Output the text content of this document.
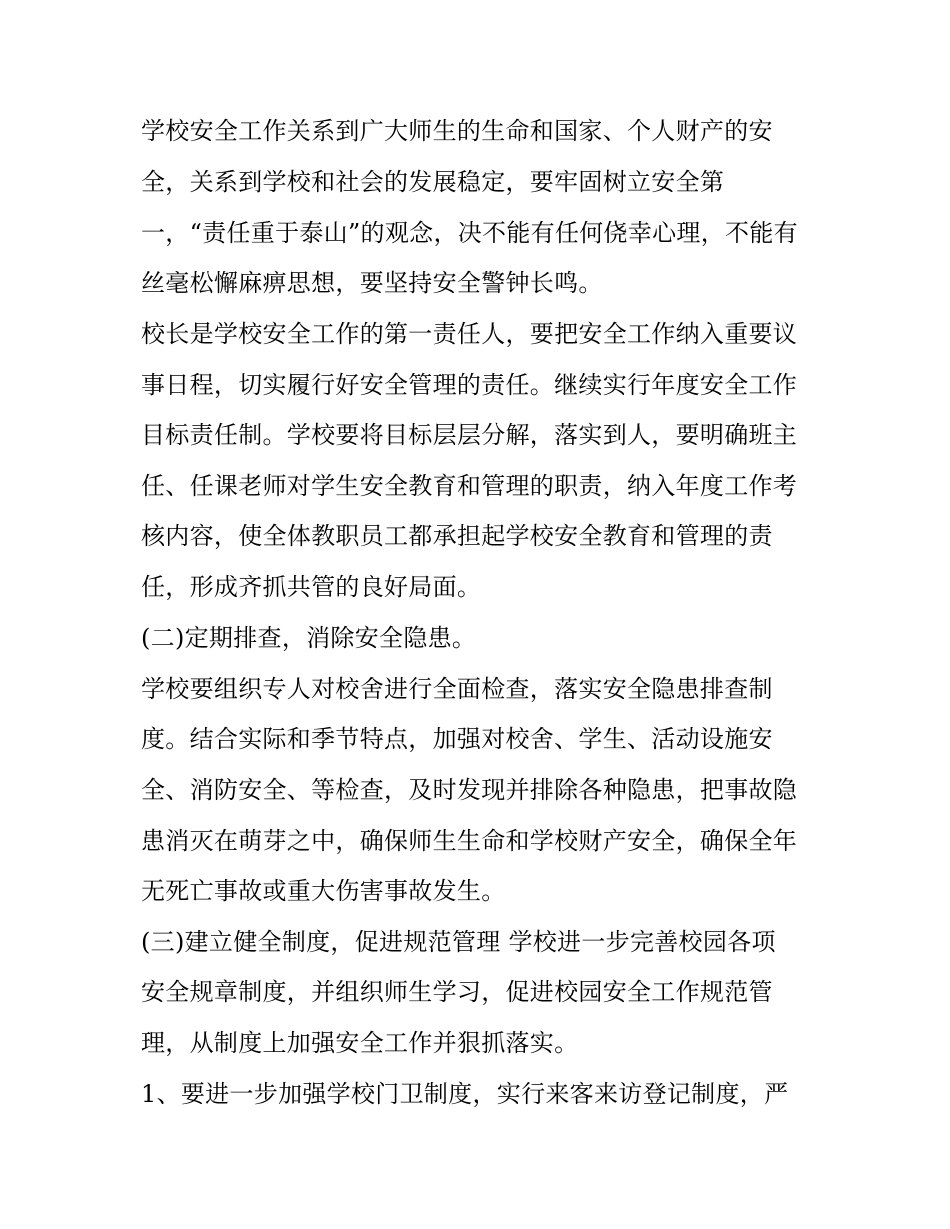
学校安全工作关系到广大师生的生命和国家、个人财产的安
全，关系到学校和社会的发展稳定，要牢固树立安全第
一，“责任重于泰山”的观念，决不能有任何侥幸心理，不能有
丝毫松懈麻痹思想，要坚持安全警钟长鸣。
校长是学校安全工作的第一责任人，要把安全工作纳入重要议
事日程，切实履行好安全管理的责任。继续实行年度安全工作
目标责任制。学校要将目标层层分解，落实到人，要明确班主
任、任课老师对学生安全教育和管理的职责，纳入年度工作考
核内容，使全体教职员工都承担起学校安全教育和管理的责
任，形成齐抓共管的良好局面。
(二)定期排查，消除安全隐患。
学校要组织专人对校舍进行全面检查，落实安全隐患排查制
度。结合实际和季节特点，加强对校舍、学生、活动设施安
全、消防安全、等检查，及时发现并排除各种隐患，把事故隐
患消灭在萌芽之中，确保师生生命和学校财产安全，确保全年
无死亡事故或重大伤害事故发生。
(三)建立健全制度，促进规范管理 学校进一步完善校园各项
安全规章制度，并组织师生学习，促进校园安全工作规范管
理，从制度上加强安全工作并狠抓落实。
1、要进一步加强学校门卫制度，实行来客来访登记制度，严
